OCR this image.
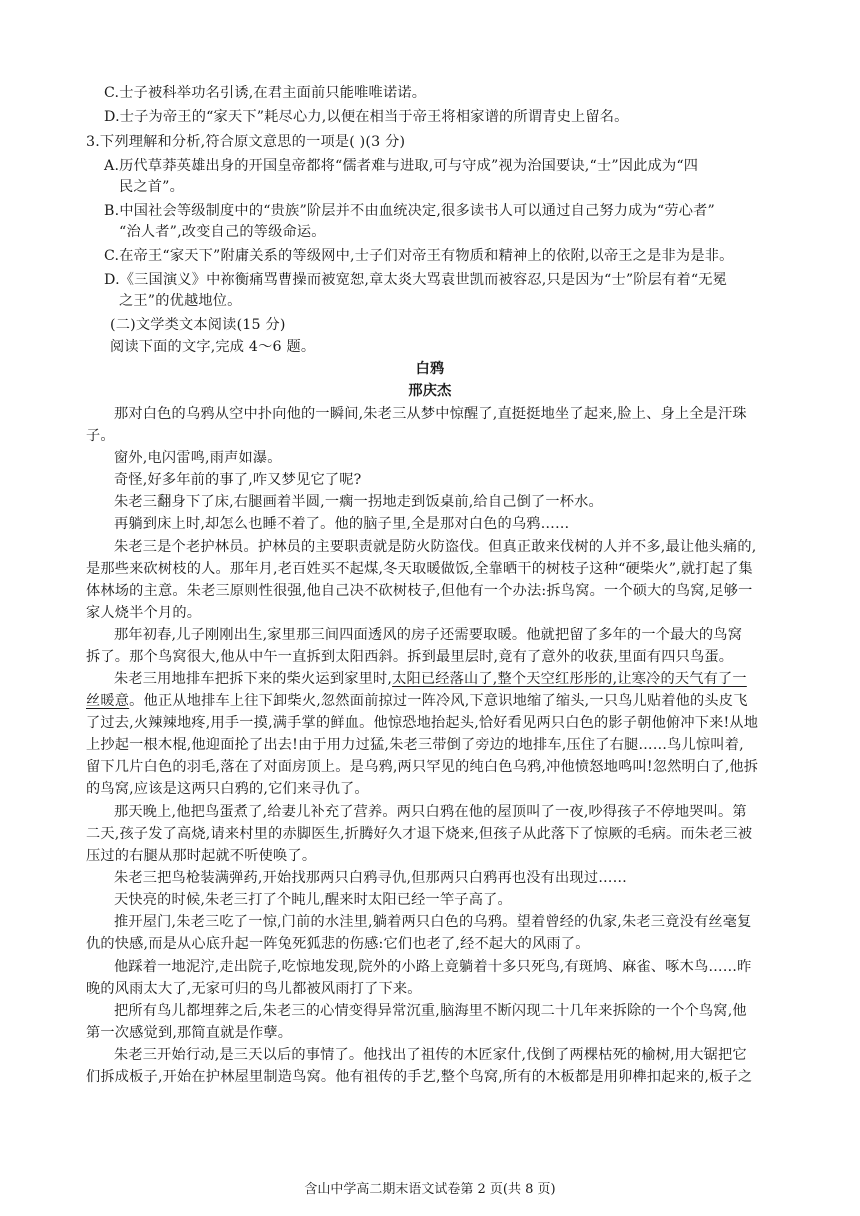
C.士子被科举功名引诱,在君主面前只能唯唯诺诺。
D.士子为帝王的“家天下”耗尽心力,以便在相当于帝王将相家谱的所谓青史上留名。
3.下列理解和分析,符合原文意思的一项是( )(3 分)
A.历代草莽英雄出身的开国皇帝都将“儒者难与进取,可与守成”视为治国要诀,“士”因此成为“四
民之首”。
B.中国社会等级制度中的“贵族”阶层并不由血统决定,很多读书人可以通过自己努力成为“劳心者”
“治人者”,改变自己的等级命运。
C.在帝王“家天下”附庸关系的等级网中,士子们对帝王有物质和精神上的依附,以帝王之是非为是非。
D.《三国演义》中祢衡痛骂曹操而被宽恕,章太炎大骂袁世凯而被容忍,只是因为“士”阶层有着“无冕
之王”的优越地位。
(二)文学类文本阅读(15 分)
阅读下面的文字,完成 4～6 题。
白鸦
邢庆杰
那对白色的乌鸦从空中扑向他的一瞬间,朱老三从梦中惊醒了,直挺挺地坐了起来,脸上、身上全是汗珠
子。
窗外,电闪雷鸣,雨声如瀑。
奇怪,好多年前的事了,咋又梦见它了呢?
朱老三翻身下了床,右腿画着半圆,一瘸一拐地走到饭桌前,给自己倒了一杯水。
再躺到床上时,却怎么也睡不着了。他的脑子里,全是那对白色的乌鸦……
朱老三是个老护林员。护林员的主要职责就是防火防盗伐。但真正敢来伐树的人并不多,最让他头痛的,
是那些来砍树枝的人。那年月,老百姓买不起煤,冬天取暖做饭,全靠晒干的树枝子这种“硬柴火”,就打起了集
体林场的主意。朱老三原则性很强,他自己决不砍树枝子,但他有一个办法:拆鸟窝。一个硕大的鸟窝,足够一
家人烧半个月的。
那年初春,儿子刚刚出生,家里那三间四面透风的房子还需要取暖。他就把留了多年的一个最大的鸟窝
拆了。那个鸟窝很大,他从中午一直拆到太阳西斜。拆到最里层时,竟有了意外的收获,里面有四只鸟蛋。
朱老三用地排车把拆下来的柴火运到家里时,太阳已经落山了,整个天空红彤彤的,让寒冷的天气有了一
丝暖意。他正从地排车上往下卸柴火,忽然面前掠过一阵冷风,下意识地缩了缩头,一只鸟儿贴着他的头皮飞
了过去,火辣辣地疼,用手一摸,满手掌的鲜血。他惊恐地抬起头,恰好看见两只白色的影子朝他俯冲下来!从地
上抄起一根木棍,他迎面抡了出去!由于用力过猛,朱老三带倒了旁边的地排车,压住了右腿……鸟儿惊叫着,
留下几片白色的羽毛,落在了对面房顶上。是乌鸦,两只罕见的纯白色乌鸦,冲他愤怒地鸣叫!忽然明白了,他拆
的鸟窝,应该是这两只白鸦的,它们来寻仇了。
那天晚上,他把鸟蛋煮了,给妻儿补充了营养。两只白鸦在他的屋顶叫了一夜,吵得孩子不停地哭叫。第
二天,孩子发了高烧,请来村里的赤脚医生,折腾好久才退下烧来,但孩子从此落下了惊厥的毛病。而朱老三被
压过的右腿从那时起就不听使唤了。
朱老三把鸟枪装满弹药,开始找那两只白鸦寻仇,但那两只白鸦再也没有出现过……
天快亮的时候,朱老三打了个盹儿,醒来时太阳已经一竿子高了。
推开屋门,朱老三吃了一惊,门前的水洼里,躺着两只白色的乌鸦。望着曾经的仇家,朱老三竟没有丝毫复
仇的快感,而是从心底升起一阵兔死狐悲的伤感:它们也老了,经不起大的风雨了。
他踩着一地泥泞,走出院子,吃惊地发现,院外的小路上竟躺着十多只死鸟,有斑鸠、麻雀、啄木鸟……昨
晚的风雨太大了,无家可归的鸟儿都被风雨打了下来。
把所有鸟儿都埋葬之后,朱老三的心情变得异常沉重,脑海里不断闪现二十几年来拆除的一个个鸟窝,他
第一次感觉到,那简直就是作孽。
朱老三开始行动,是三天以后的事情了。他找出了祖传的木匠家什,伐倒了两棵枯死的榆树,用大锯把它
们拆成板子,开始在护林屋里制造鸟窝。他有祖传的手艺,整个鸟窝,所有的木板都是用卯榫扣起来的,板子之
含山中学高二期末语文试卷第 2 页(共 8 页)
